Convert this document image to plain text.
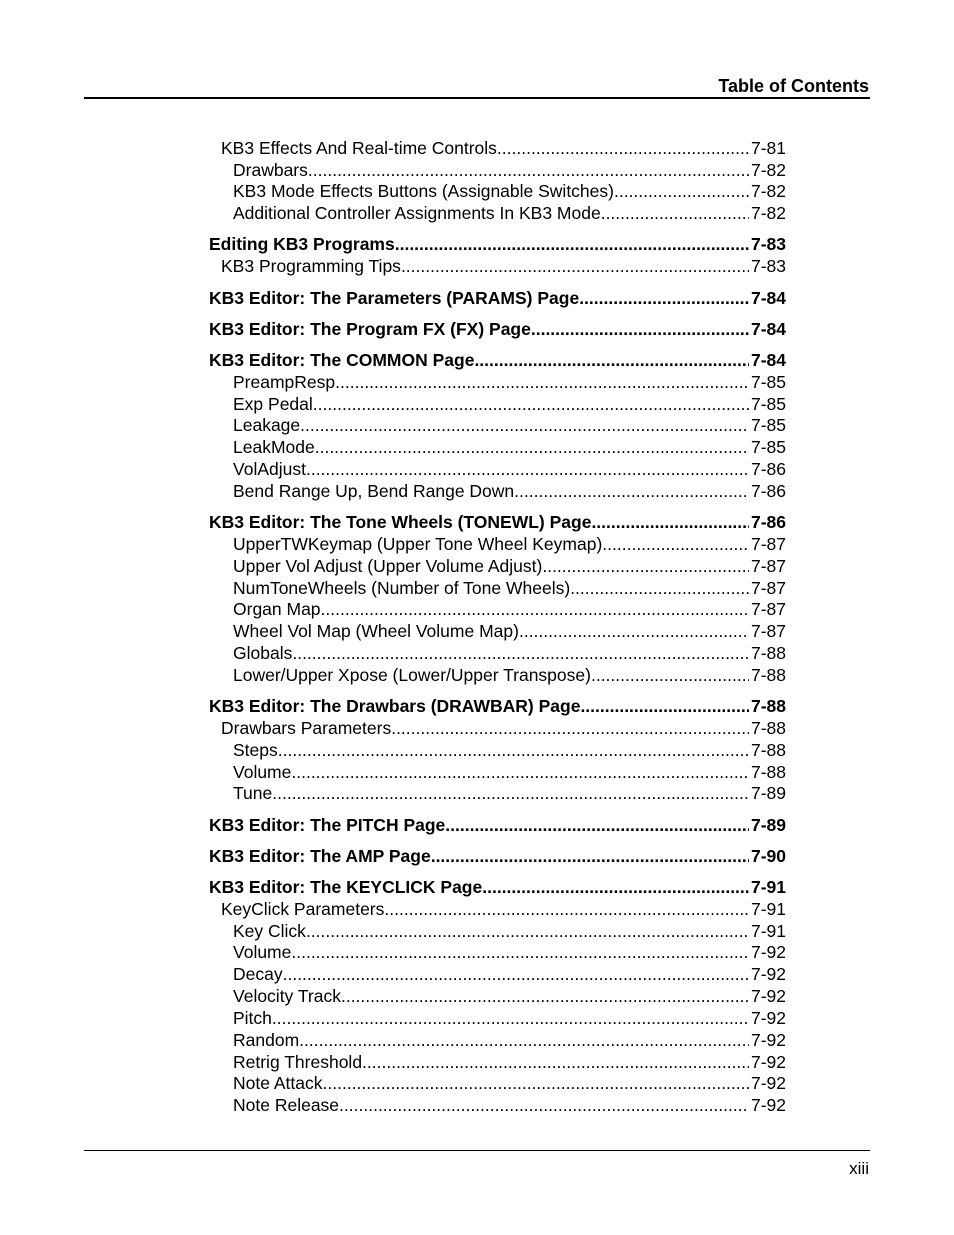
Table of Contents
KB3 Effects And Real-time Controls .....	7-81
Drawbars .....	7-82
KB3 Mode Effects Buttons (Assignable Switches) .....	7-82
Additional Controller Assignments In KB3 Mode .....	7-82
Editing KB3 Programs .....	7-83
KB3 Programming Tips .....	7-83
KB3 Editor: The Parameters (PARAMS) Page .....	7-84
KB3 Editor: The Program FX (FX) Page .....	7-84
KB3 Editor: The COMMON Page .....	7-84
PreampResp .....	7-85
Exp Pedal .....	7-85
Leakage .....	7-85
LeakMode .....	7-85
VolAdjust .....	7-86
Bend Range Up, Bend Range Down .....	7-86
KB3 Editor: The Tone Wheels (TONEWL) Page .....	7-86
UpperTWKeymap (Upper Tone Wheel Keymap) .....	7-87
Upper Vol Adjust (Upper Volume Adjust) .....	7-87
NumToneWheels (Number of Tone Wheels) .....	7-87
Organ Map .....	7-87
Wheel Vol Map (Wheel Volume Map) .....	7-87
Globals .....	7-88
Lower/Upper Xpose (Lower/Upper Transpose) .....	7-88
KB3 Editor: The Drawbars (DRAWBAR) Page .....	7-88
Drawbars Parameters .....	7-88
Steps .....	7-88
Volume .....	7-88
Tune .....	7-89
KB3 Editor: The PITCH Page .....	7-89
KB3 Editor: The AMP Page .....	7-90
KB3 Editor: The KEYCLICK Page .....	7-91
KeyClick Parameters .....	7-91
Key Click .....	7-91
Volume .....	7-92
Decay .....	7-92
Velocity Track .....	7-92
Pitch .....	7-92
Random .....	7-92
Retrig Threshold .....	7-92
Note Attack .....	7-92
Note Release .....	7-92
xiii
